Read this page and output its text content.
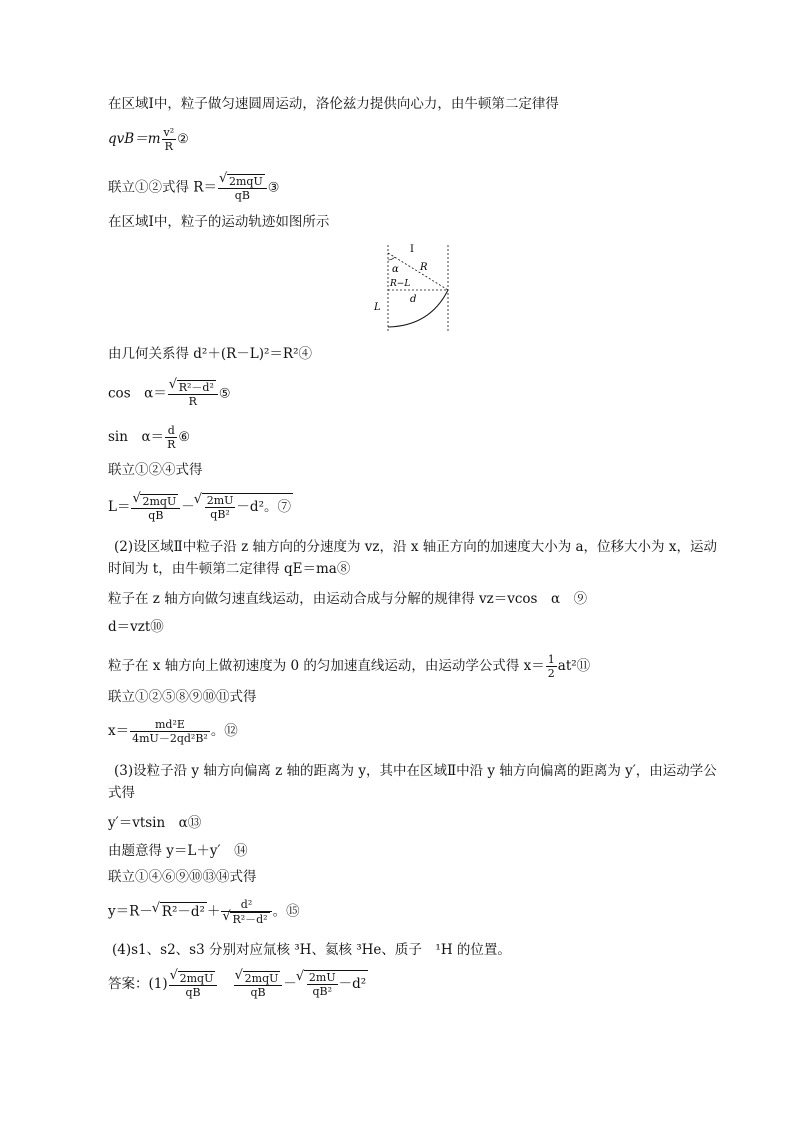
在区域Ⅰ中，粒子做匀速圆周运动，洛伦兹力提供向心力，由牛顿第二定律得
$qvB=m \frac{\text{v²}}{R}$ ②
联立①②式得 R＝ √ $\frac{\text{2mqU}}{qB}$ ③
在区域Ⅰ中，粒子的运动轨迹如图所示
Ⅰ
R
α
R−L
d
L
由几何关系得 d²＋(R－L)²＝R²④
cos　α＝ √ $\frac{\text{R²－d²}}{R}$ ⑤
sin　$\alpha= \frac{d}{R}$ ⑥
联立①②④式得
L＝ √ $\frac{\text{2mqU}}{qB}$ － √ $\frac{2mU}{\text{qB²}} -d^2$。⑦
(2)设区域Ⅱ中粒子沿 z 轴方向的分速度为 vz，沿 x 轴正方向的加速度大小为 a，位移大小为 x，运动时间为 t，由牛顿第二定律得 qE＝ma⑧
粒子在 z 轴方向做匀速直线运动，由运动合成与分解的规律得 vz＝vcos　α　⑨
d＝vzt⑩
粒子在 x 轴方向上做初速度为 0 的匀加速直线运动，由运动学公式得 $x= \frac{1}{2}$ at²⑪
联立①②⑤⑧⑨⑩⑪式得
$x= \frac{\text{md²E}}{\text{4mU－2qd²B²}}$ 。⑫
(3)设粒子沿 y 轴方向偏离 z 轴的距离为 y，其中在区域Ⅱ中沿 y 轴方向偏离的距离为 y′，由运动学公式得
y′＝vtsin　α⑬
由题意得 y＝L＋y′　⑭
联立①④⑥⑨⑩⑬⑭式得
y＝R－ √ R²－d² ＋ d²
√ R²－d² 。⑮
(4)s1、s2、s3 分别对应氚核 ³H、氦核 ³He、质子　¹H 的位置。
答案：(1) √ $\frac{\text{2mqU}}{qB}$
√ $\frac{\text{2mqU}}{qB}$ － √ $\frac{2mU}{\text{qB²}} -d^2$
